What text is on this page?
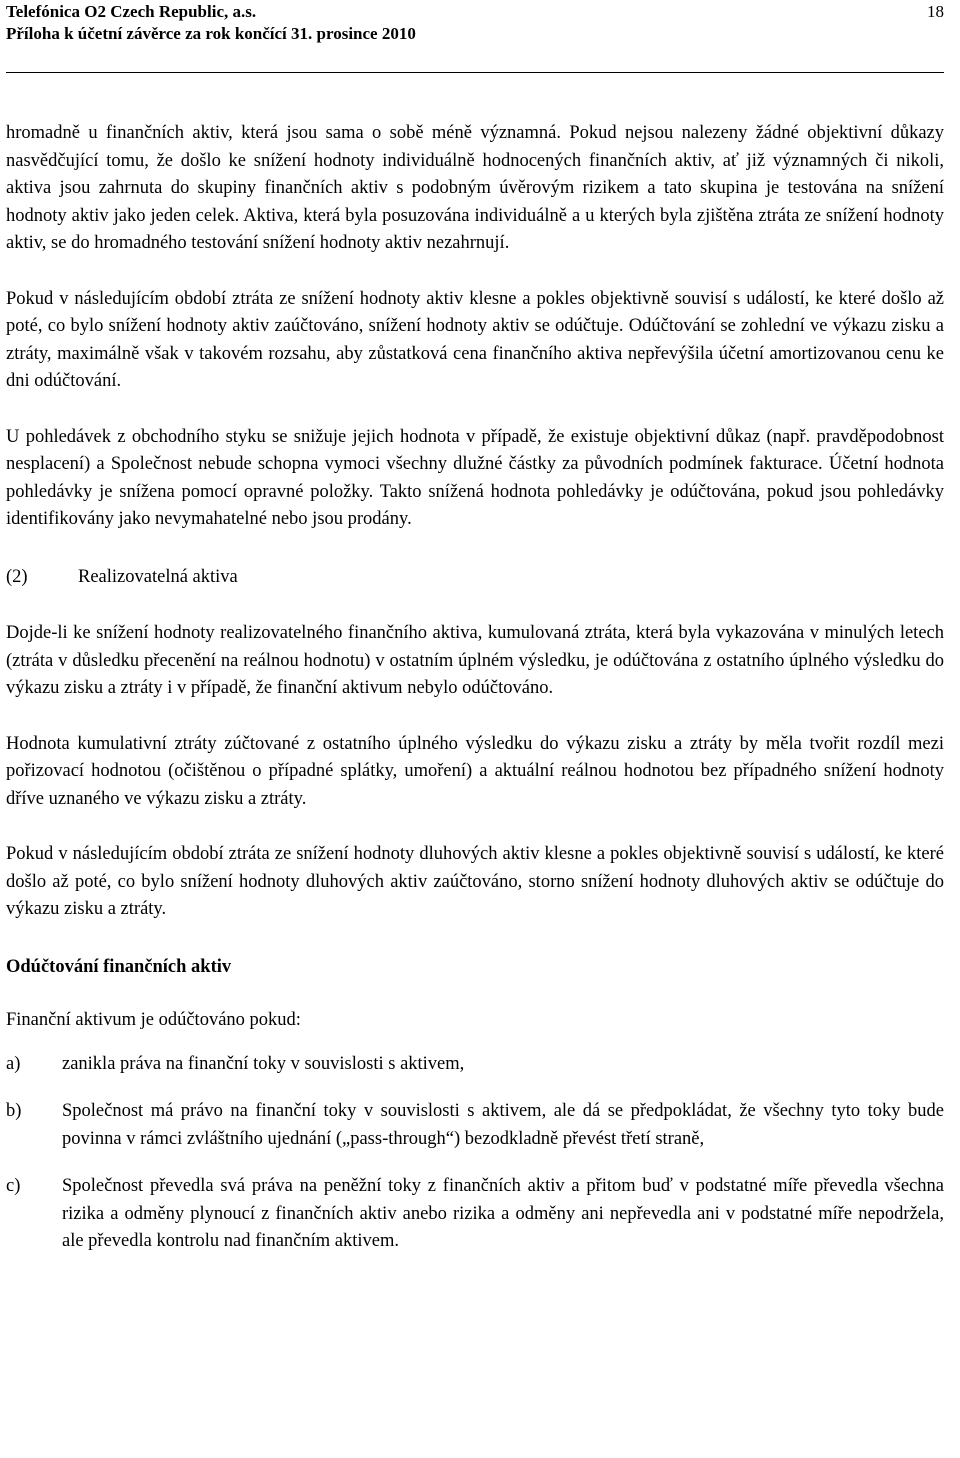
Telefónica O2 Czech Republic, a.s.
Příloha k účetní závěrce za rok končící 31. prosince 2010
18

hromadně u finančních aktiv, která jsou sama o sobě méně významná. Pokud nejsou nalezeny žádné objektivní důkazy nasvědčující tomu, že došlo ke snížení hodnoty individuálně hodnocených finančních aktiv, ať již významných či nikoli, aktiva jsou zahrnuta do skupiny finančních aktiv s podobným úvěrovým rizikem a tato skupina je testována na snížení hodnoty aktiv jako jeden celek. Aktiva, která byla posuzována individuálně a u kterých byla zjištěna ztráta ze snížení hodnoty aktiv, se do hromadného testování snížení hodnoty aktiv nezahrnují.

Pokud v následujícím období ztráta ze snížení hodnoty aktiv klesne a pokles objektivně souvisí s událostí, ke které došlo až poté, co bylo snížení hodnoty aktiv zaúčtováno, snížení hodnoty aktiv se odúčtuje. Odúčtování se zohlední ve výkazu zisku a ztráty, maximálně však v takovém rozsahu, aby zůstatková cena finančního aktiva nepřevýšila účetní amortizovanou cenu ke dni odúčtování.

U pohledávek z obchodního styku se snižuje jejich hodnota v případě, že existuje objektivní důkaz (např. pravděpodobnost nesplacení) a Společnost nebude schopna vymoci všechny dlužné částky za původních podmínek fakturace. Účetní hodnota pohledávky je snížena pomocí opravné položky. Takto snížená hodnota pohledávky je odúčtována, pokud jsou pohledávky identifikovány jako nevymahatelné nebo jsou prodány.

(2)	Realizovatelná aktiva

Dojde-li ke snížení hodnoty realizovatelného finančního aktiva, kumulovaná ztráta, která byla vykazována v minulých letech (ztráta v důsledku přecenění na reálnou hodnotu) v ostatním úplném výsledku, je odúčtována z ostatního úplného výsledku do výkazu zisku a ztráty i v případě, že finanční aktivum nebylo odúčtováno.

Hodnota kumulativní ztráty zúčtované z ostatního úplného výsledku do výkazu zisku a ztráty by měla tvořit rozdíl mezi pořizovací hodnotou (očištěnou o případné splátky, umoření) a aktuální reálnou hodnotou bez případného snížení hodnoty dříve uznaného ve výkazu zisku a ztráty.

Pokud v následujícím období ztráta ze snížení hodnoty dluhových aktiv klesne a pokles objektivně souvisí s událostí, ke které došlo až poté, co bylo snížení hodnoty dluhových aktiv zaúčtováno, storno snížení hodnoty dluhových aktiv se odúčtuje do výkazu zisku a ztráty.

Odúčtování finančních aktiv

Finanční aktivum je odúčtováno pokud:

a) zanikla práva na finanční toky v souvislosti s aktivem,
b) Společnost má právo na finanční toky v souvislosti s aktivem, ale dá se předpokládat, že všechny tyto toky bude povinna v rámci zvláštního ujednání („pass-through“) bezodkladně převést třetí straně,
c) Společnost převedla svá práva na peněžní toky z finančních aktiv a přitom buď v podstatné míře převedla všechna rizika a odměny plynoucí z finančních aktiv anebo rizika a odměny ani nepřevedla ani v podstatné míře nepodržela, ale převedla kontrolu nad finančním aktivem.
